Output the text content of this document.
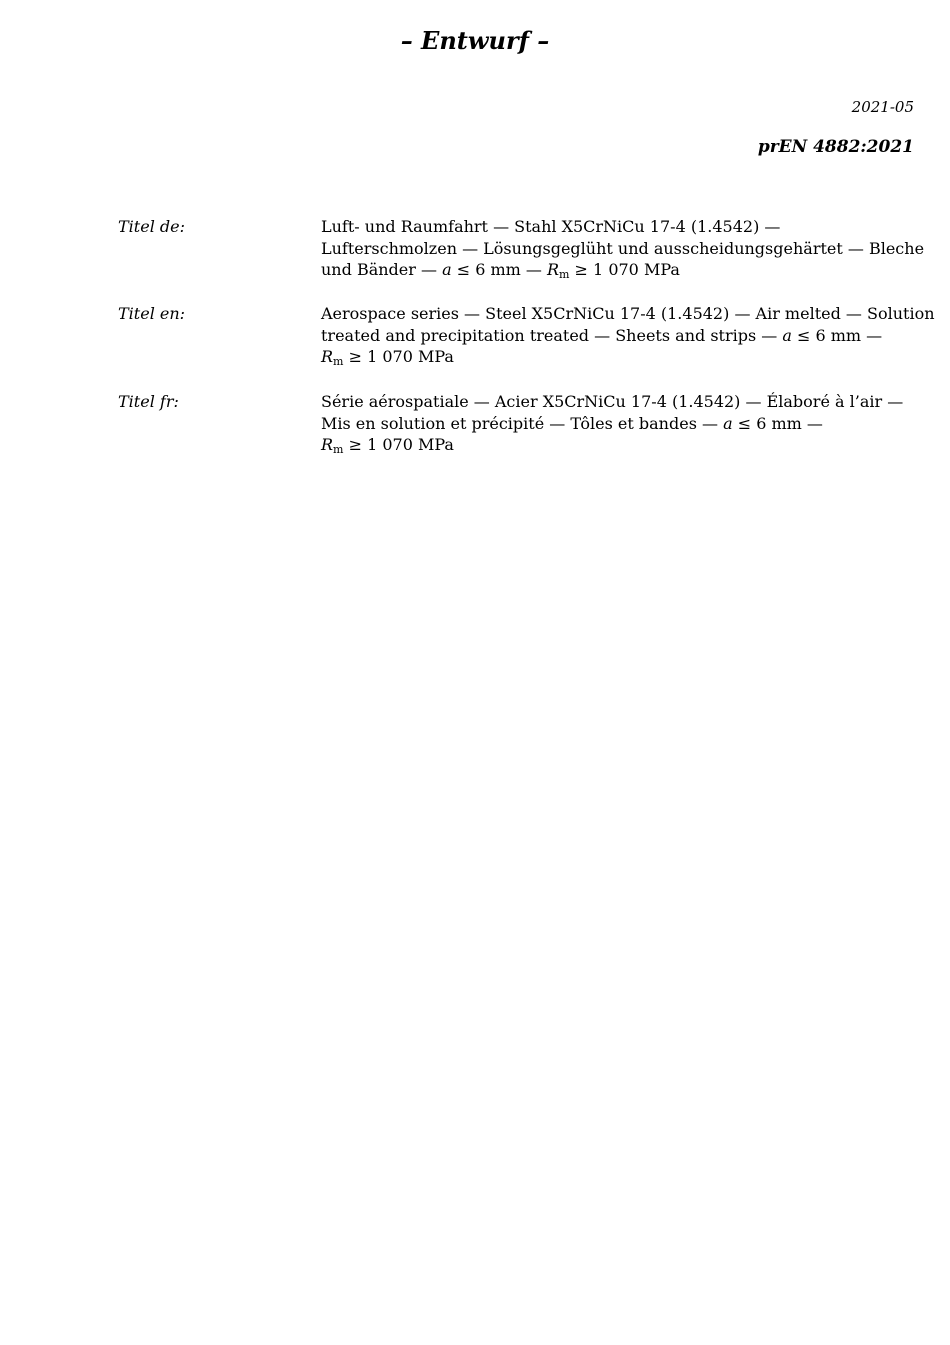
– Entwurf –
2021-05
prEN 4882:2021
Titel de:	Luft- und Raumfahrt — Stahl X5CrNiCu 17-4 (1.4542) —
Lufterschmolzen — Lösungsgeglüht und ausscheidungsgehärtet — Bleche
und Bänder — a ≤ 6 mm — $R_m \ge 1$ 070 MPa
Titel en:	Aerospace series — Steel X5CrNiCu 17-4 (1.4542) — Air melted — Solution
treated and precipitation treated — Sheets and strips — a ≤ 6 mm —
$R_m \ge 1$ 070 MPa
Titel fr:	Série aérospatiale — Acier X5CrNiCu 17-4 (1.4542) — Élaboré à l’air —
Mis en solution et précipité — Tôles et bandes — a ≤ 6 mm —
$R_m \ge 1$ 070 MPa
